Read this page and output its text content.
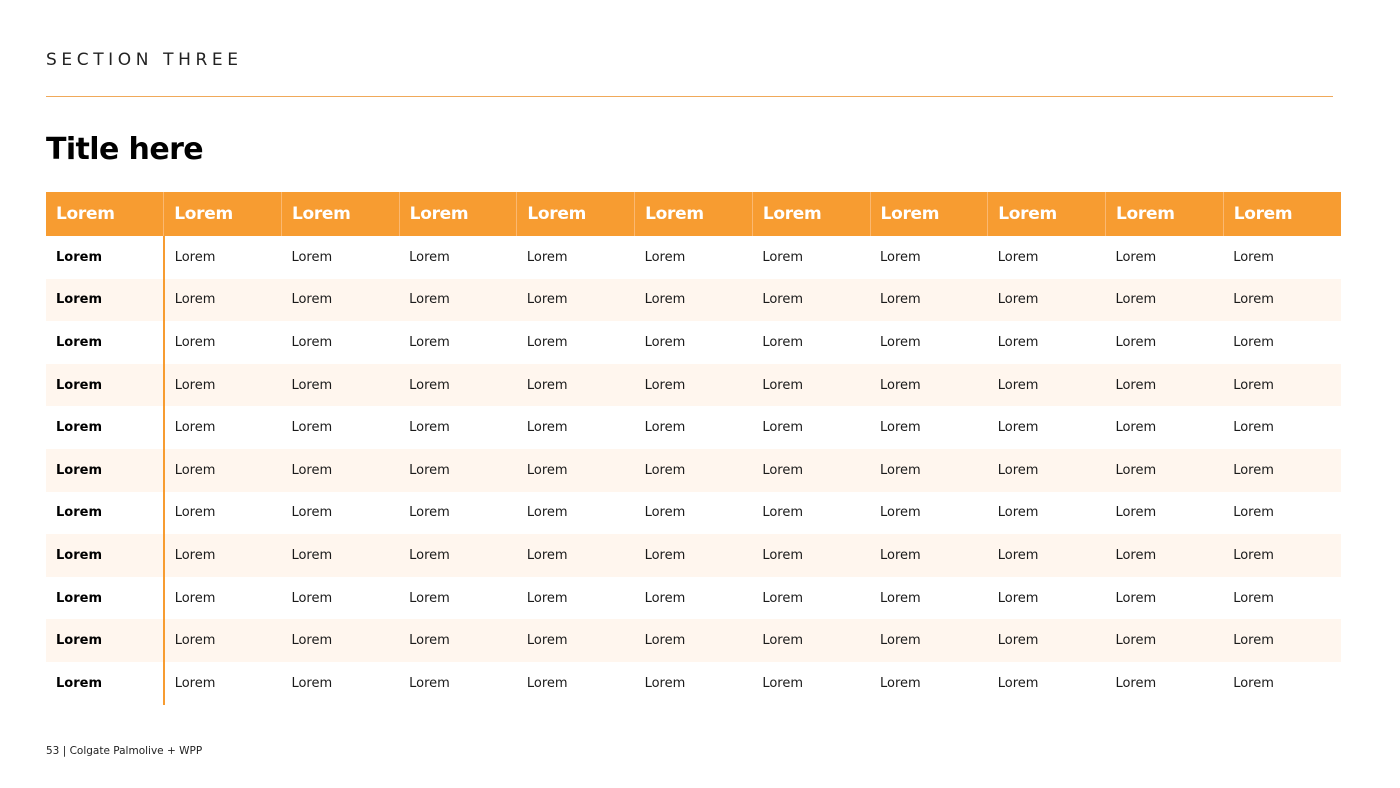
SECTION THREE
Title here
Lorem	Lorem	Lorem	Lorem	Lorem	Lorem	Lorem	Lorem	Lorem	Lorem	Lorem
Lorem	Lorem	Lorem	Lorem	Lorem	Lorem	Lorem	Lorem	Lorem	Lorem	Lorem
Lorem	Lorem	Lorem	Lorem	Lorem	Lorem	Lorem	Lorem	Lorem	Lorem	Lorem
Lorem	Lorem	Lorem	Lorem	Lorem	Lorem	Lorem	Lorem	Lorem	Lorem	Lorem
Lorem	Lorem	Lorem	Lorem	Lorem	Lorem	Lorem	Lorem	Lorem	Lorem	Lorem
Lorem	Lorem	Lorem	Lorem	Lorem	Lorem	Lorem	Lorem	Lorem	Lorem	Lorem
Lorem	Lorem	Lorem	Lorem	Lorem	Lorem	Lorem	Lorem	Lorem	Lorem	Lorem
Lorem	Lorem	Lorem	Lorem	Lorem	Lorem	Lorem	Lorem	Lorem	Lorem	Lorem
Lorem	Lorem	Lorem	Lorem	Lorem	Lorem	Lorem	Lorem	Lorem	Lorem	Lorem
Lorem	Lorem	Lorem	Lorem	Lorem	Lorem	Lorem	Lorem	Lorem	Lorem	Lorem
Lorem	Lorem	Lorem	Lorem	Lorem	Lorem	Lorem	Lorem	Lorem	Lorem	Lorem
Lorem	Lorem	Lorem	Lorem	Lorem	Lorem	Lorem	Lorem	Lorem	Lorem	Lorem
53 | Colgate Palmolive + WPP
